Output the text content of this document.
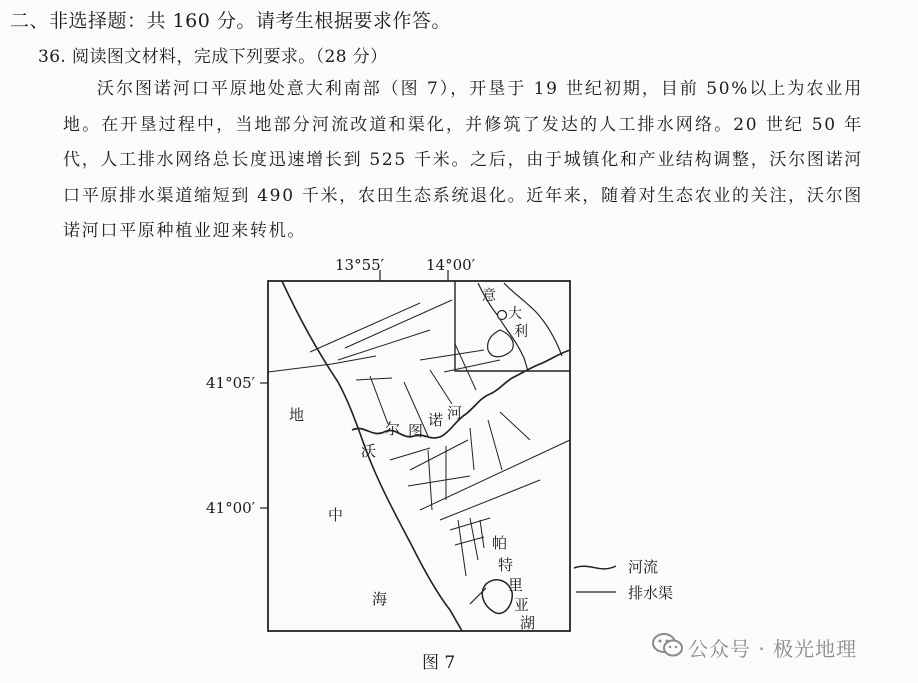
二、非选择题：共 160 分。请考生根据要求作答。
36. 阅读图文材料，完成下列要求。（28 分）
沃尔图诺河口平原地处意大利南部（图 7），开垦于 19 世纪初期，目前 50%以上为农业用地。在开垦过程中，当地部分河流改道和渠化，并修筑了发达的人工排水网络。20 世纪 50 年代，人工排水网络总长度迅速增长到 525 千米。之后，由于城镇化和产业结构调整，沃尔图诺河口平原排水渠道缩短到 490 千米，农田生态系统退化。近年来，随着对生态农业的关注，沃尔图诺河口平原种植业迎来转机。
13°55′	14°00′
41°05′
41°00′
地
中
海
沃
尔 图
诺 河
帕
特
里
亚
湖
意
大
利
河流
排水渠
图 7
公众号 · 极光地理
